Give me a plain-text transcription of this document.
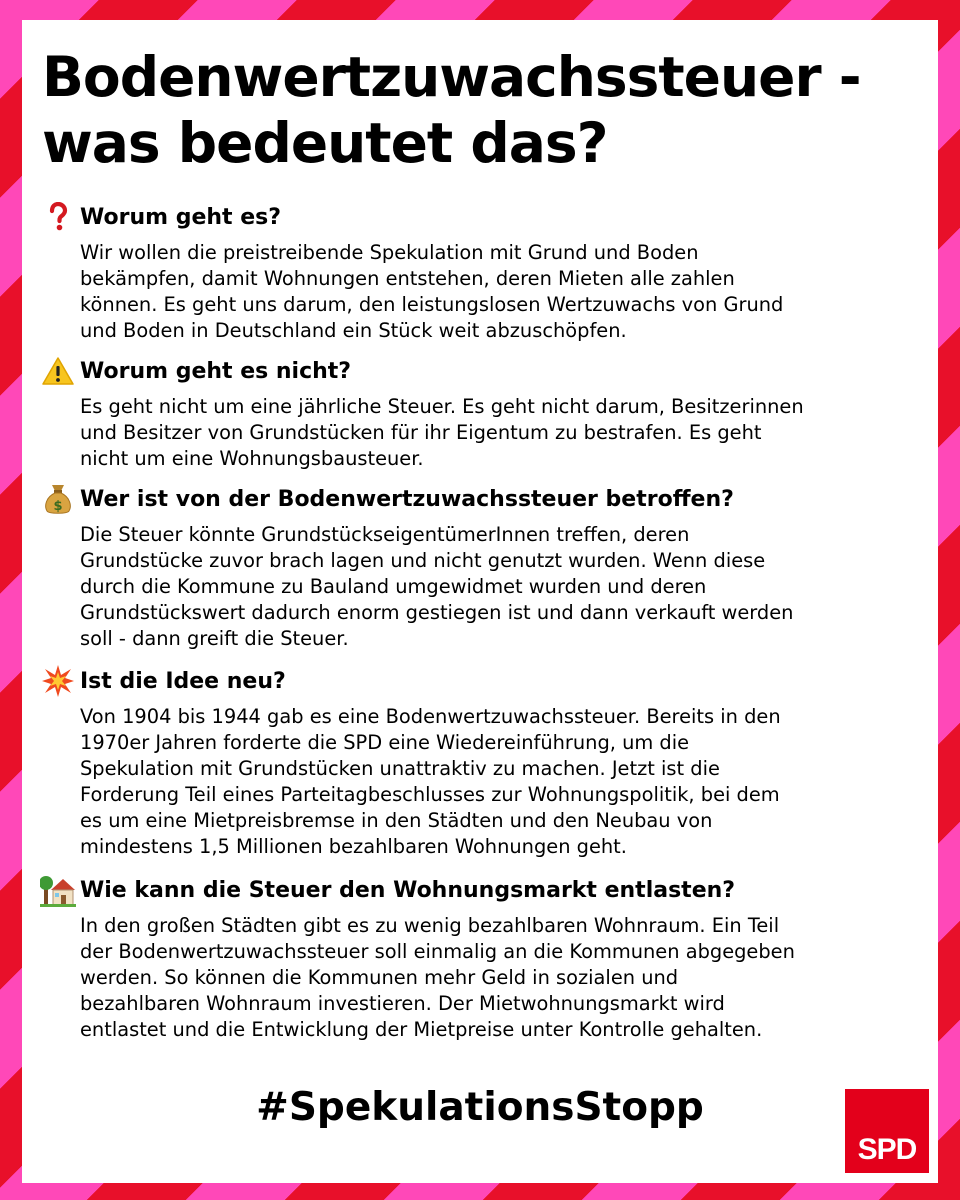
Bodenwertzuwachssteuer -
was bedeutet das?
Worum geht es?

Wir wollen die preistreibende Spekulation mit Grund und Boden
bekämpfen, damit Wohnungen entstehen, deren Mieten alle zahlen
können. Es geht uns darum, den leistungslosen Wertzuwachs von Grund
und Boden in Deutschland ein Stück weit abzuschöpfen.

Worum geht es nicht?

Es geht nicht um eine jährliche Steuer. Es geht nicht darum, Besitzerinnen
und Besitzer von Grundstücken für ihr Eigentum zu bestrafen. Es geht
nicht um eine Wohnungsbausteuer.

$ Wer ist von der Bodenwertzuwachssteuer betroffen?

Die Steuer könnte GrundstückseigentümerInnen treffen, deren
Grundstücke zuvor brach lagen und nicht genutzt wurden. Wenn diese
durch die Kommune zu Bauland umgewidmet wurden und deren
Grundstückswert dadurch enorm gestiegen ist und dann verkauft werden
soll - dann greift die Steuer.

Ist die Idee neu?

Von 1904 bis 1944 gab es eine Bodenwertzuwachssteuer. Bereits in den
1970er Jahren forderte die SPD eine Wiedereinführung, um die
Spekulation mit Grundstücken unattraktiv zu machen. Jetzt ist die
Forderung Teil eines Parteitagbeschlusses zur Wohnungspolitik, bei dem
es um eine Mietpreisbremse in den Städten und den Neubau von
mindestens 1,5 Millionen bezahlbaren Wohnungen geht.

Wie kann die Steuer den Wohnungsmarkt entlasten?

In den großen Städten gibt es zu wenig bezahlbaren Wohnraum. Ein Teil
der Bodenwertzuwachssteuer soll einmalig an die Kommunen abgegeben
werden. So können die Kommunen mehr Geld in sozialen und
bezahlbaren Wohnraum investieren. Der Mietwohnungsmarkt wird
entlastet und die Entwicklung der Mietpreise unter Kontrolle gehalten.

#SpekulationsStopp

SPD
